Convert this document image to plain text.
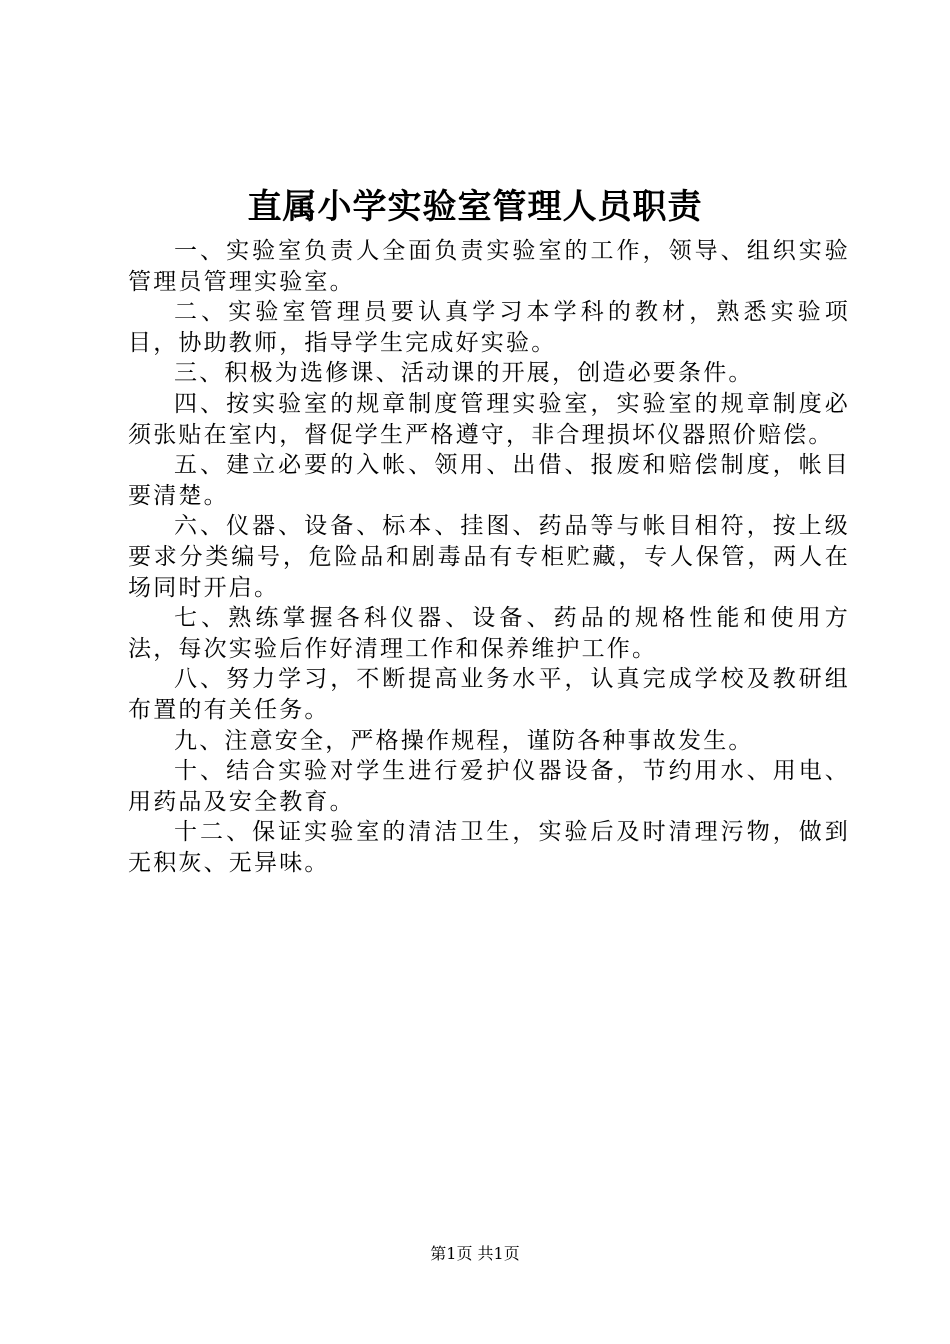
直属小学实验室管理人员职责

一、实验室负责人全面负责实验室的工作，领导、组织实验管理员管理实验室。

二、实验室管理员要认真学习本学科的教材，熟悉实验项目，协助教师，指导学生完成好实验。

三、积极为选修课、活动课的开展，创造必要条件。

四、按实验室的规章制度管理实验室，实验室的规章制度必须张贴在室内，督促学生严格遵守，非合理损坏仪器照价赔偿。

五、建立必要的入帐、领用、出借、报废和赔偿制度，帐目要清楚。

六、仪器、设备、标本、挂图、药品等与帐目相符，按上级要求分类编号，危险品和剧毒品有专柜贮藏，专人保管，两人在场同时开启。

七、熟练掌握各科仪器、设备、药品的规格性能和使用方法，每次实验后作好清理工作和保养维护工作。

八、努力学习，不断提高业务水平，认真完成学校及教研组布置的有关任务。

九、注意安全，严格操作规程，谨防各种事故发生。

十、结合实验对学生进行爱护仪器设备，节约用水、用电、用药品及安全教育。

十二、保证实验室的清洁卫生，实验后及时清理污物，做到无积灰、无异味。

第1页 共1页
